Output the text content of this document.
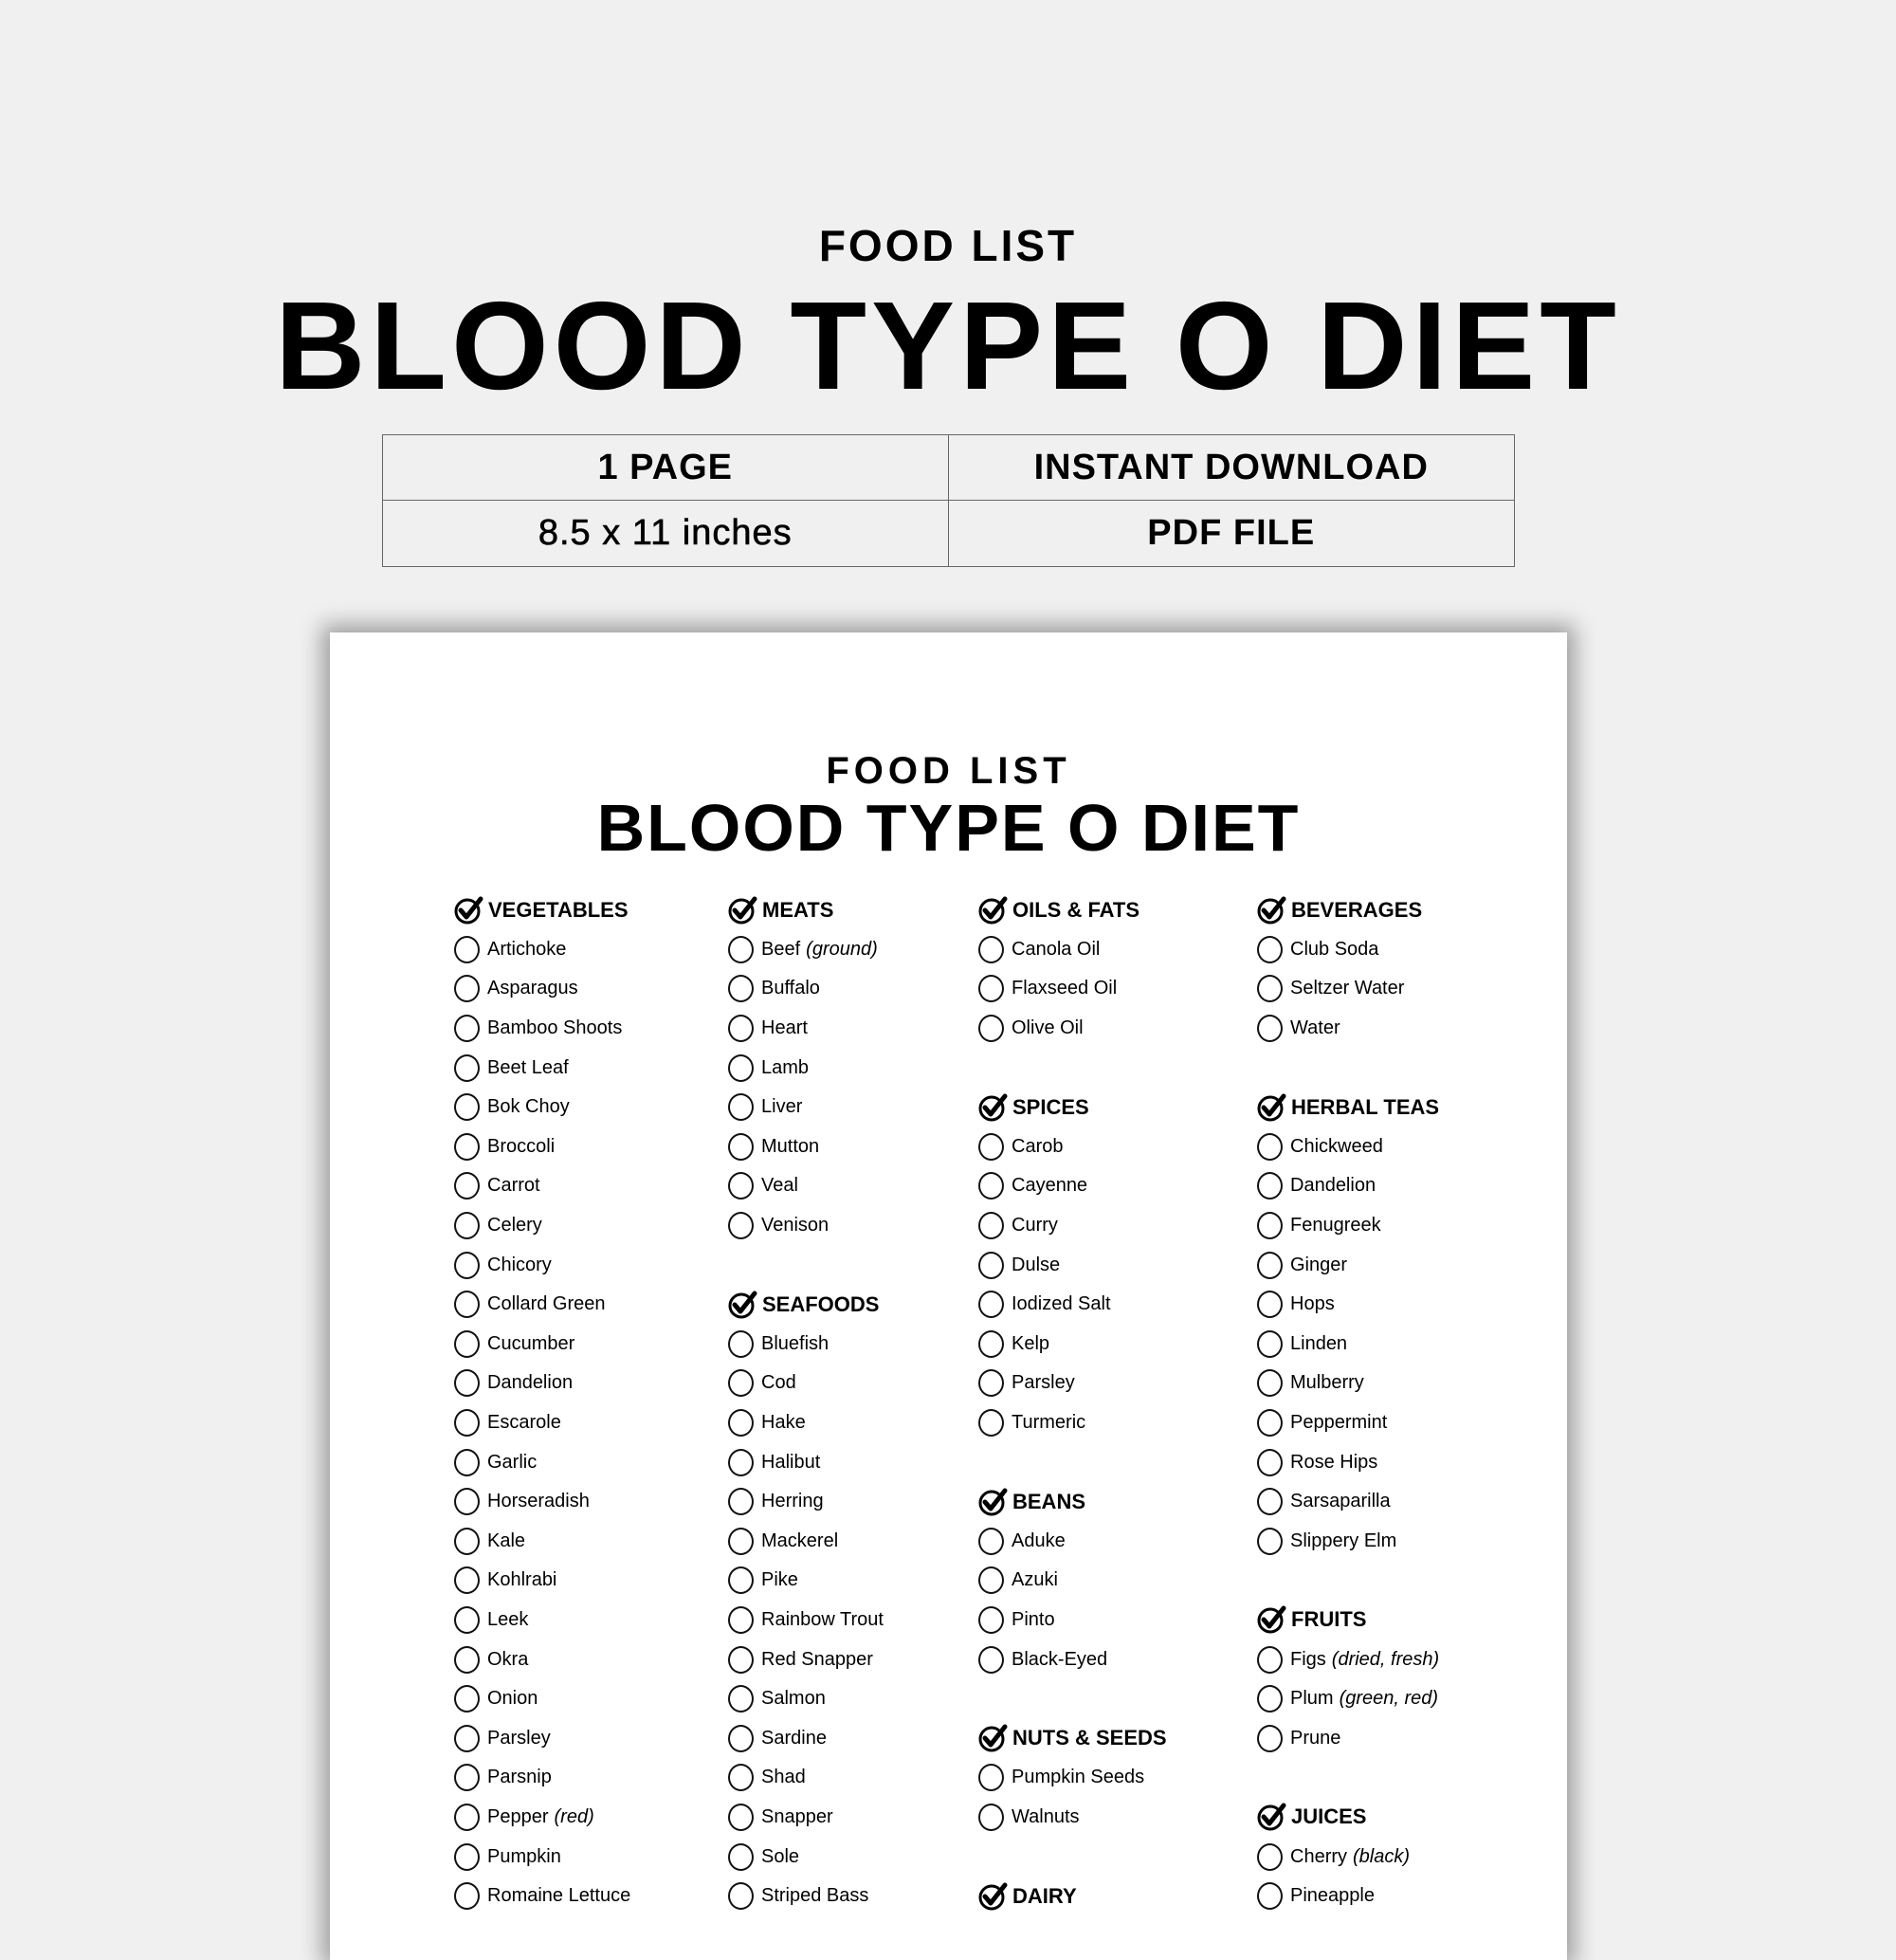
FOOD LIST
BLOOD TYPE O DIET
1 PAGE	INSTANT DOWNLOAD
8.5 x 11 inches	PDF FILE
FOOD LIST
BLOOD TYPE O DIET
VEGETABLES
Artichoke
Asparagus
Bamboo Shoots
Beet Leaf
Bok Choy
Broccoli
Carrot
Celery
Chicory
Collard Green
Cucumber
Dandelion
Escarole
Garlic
Horseradish
Kale
Kohlrabi
Leek
Okra
Onion
Parsley
Parsnip
Pepper (red)
Pumpkin
Romaine Lettuce
MEATS
Beef (ground)
Buffalo
Heart
Lamb
Liver
Mutton
Veal
Venison
SEAFOODS
Bluefish
Cod
Hake
Halibut
Herring
Mackerel
Pike
Rainbow Trout
Red Snapper
Salmon
Sardine
Shad
Snapper
Sole
Striped Bass
OILS & FATS
Canola Oil
Flaxseed Oil
Olive Oil
SPICES
Carob
Cayenne
Curry
Dulse
Iodized Salt
Kelp
Parsley
Turmeric
BEANS
Aduke
Azuki
Pinto
Black-Eyed
NUTS & SEEDS
Pumpkin Seeds
Walnuts
DAIRY
BEVERAGES
Club Soda
Seltzer Water
Water
HERBAL TEAS
Chickweed
Dandelion
Fenugreek
Ginger
Hops
Linden
Mulberry
Peppermint
Rose Hips
Sarsaparilla
Slippery Elm
FRUITS
Figs (dried, fresh)
Plum (green, red)
Prune
JUICES
Cherry (black)
Pineapple
